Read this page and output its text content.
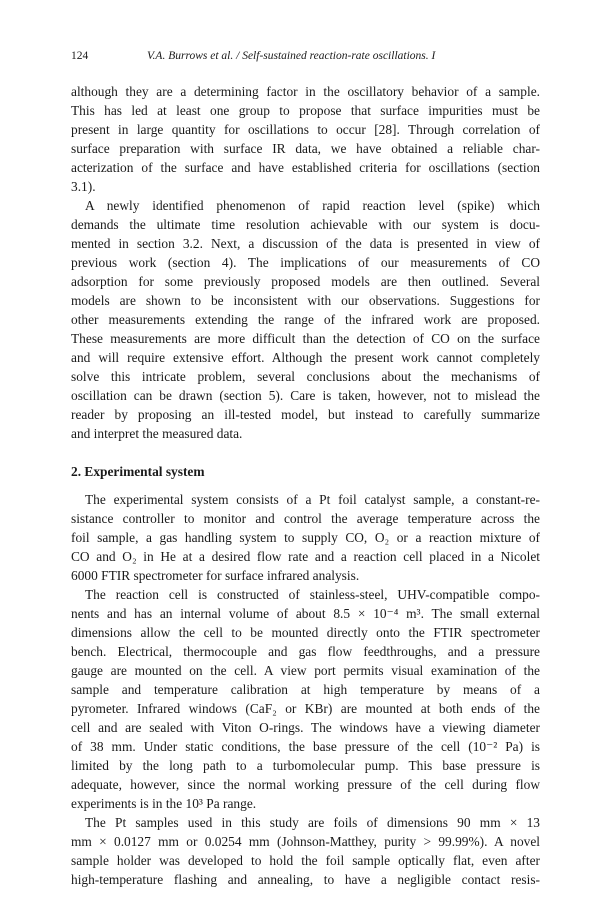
124	V.A. Burrows et al. / Self-sustained reaction-rate oscillations. I
although they are a determining factor in the oscillatory behavior of a sample.
This has led at least one group to propose that surface impurities must be
present in large quantity for oscillations to occur [28]. Through correlation of
surface preparation with surface IR data, we have obtained a reliable char-
acterization of the surface and have established criteria for oscillations (section
3.1).
A newly identified phenomenon of rapid reaction level (spike) which
demands the ultimate time resolution achievable with our system is docu-
mented in section 3.2. Next, a discussion of the data is presented in view of
previous work (section 4). The implications of our measurements of CO
adsorption for some previously proposed models are then outlined. Several
models are shown to be inconsistent with our observations. Suggestions for
other measurements extending the range of the infrared work are proposed.
These measurements are more difficult than the detection of CO on the surface
and will require extensive effort. Although the present work cannot completely
solve this intricate problem, several conclusions about the mechanisms of
oscillation can be drawn (section 5). Care is taken, however, not to mislead the
reader by proposing an ill-tested model, but instead to carefully summarize
and interpret the measured data.
2. Experimental system
The experimental system consists of a Pt foil catalyst sample, a constant-re-
sistance controller to monitor and control the average temperature across the
foil sample, a gas handling system to supply CO, O₂ or a reaction mixture of
CO and O₂ in He at a desired flow rate and a reaction cell placed in a Nicolet
6000 FTIR spectrometer for surface infrared analysis.
The reaction cell is constructed of stainless-steel, UHV-compatible compo-
nents and has an internal volume of about 8.5 × 10⁻⁴ m³. The small external
dimensions allow the cell to be mounted directly onto the FTIR spectrometer
bench. Electrical, thermocouple and gas flow feedthroughs, and a pressure
gauge are mounted on the cell. A view port permits visual examination of the
sample and temperature calibration at high temperature by means of a
pyrometer. Infrared windows (CaF₂ or KBr) are mounted at both ends of the
cell and are sealed with Viton O-rings. The windows have a viewing diameter
of 38 mm. Under static conditions, the base pressure of the cell (10⁻² Pa) is
limited by the long path to a turbomolecular pump. This base pressure is
adequate, however, since the normal working pressure of the cell during flow
experiments is in the 10³ Pa range.
The Pt samples used in this study are foils of dimensions 90 mm × 13
mm × 0.0127 mm or 0.0254 mm (Johnson-Matthey, purity > 99.99%). A novel
sample holder was developed to hold the foil sample optically flat, even after
high-temperature flashing and annealing, to have a negligible contact resis-
